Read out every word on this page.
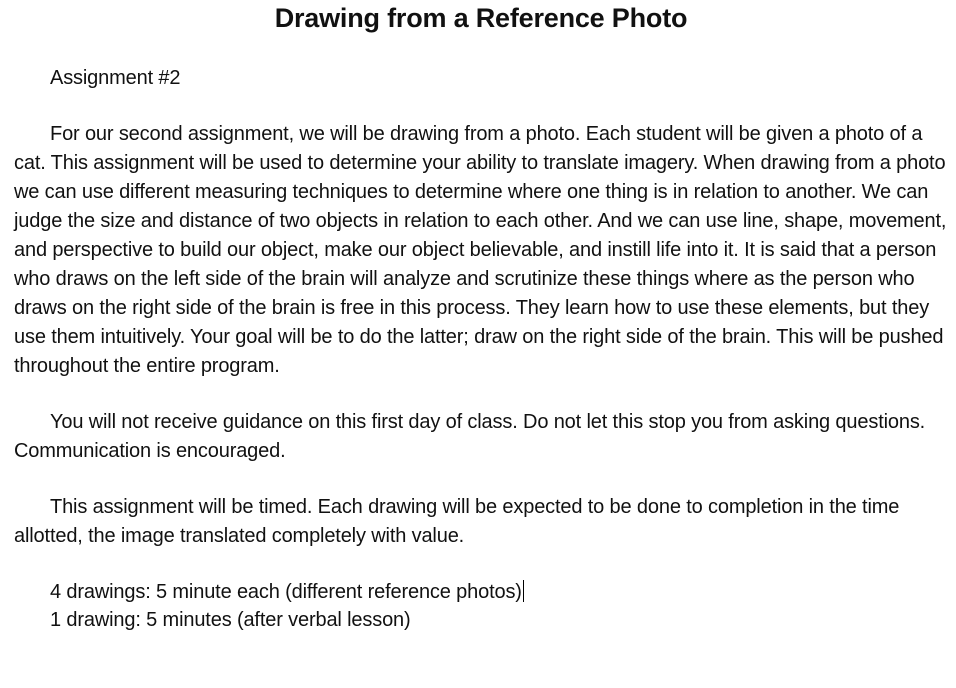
Drawing from a Reference Photo

Assignment #2

For our second assignment, we will be drawing from a photo. Each student will be given a photo of a cat. This assignment will be used to determine your ability to translate imagery. When drawing from a photo we can use different measuring techniques to determine where one thing is in relation to another. We can judge the size and distance of two objects in relation to each other. And we can use line, shape, movement, and perspective to build our object, make our object believable, and instill life into it. It is said that a person who draws on the left side of the brain will analyze and scrutinize these things where as the person who draws on the right side of the brain is free in this process. They learn how to use these elements, but they use them intuitively. Your goal will be to do the latter; draw on the right side of the brain. This will be pushed throughout the entire program.

You will not receive guidance on this first day of class. Do not let this stop you from asking questions. Communication is encouraged.

This assignment will be timed. Each drawing will be expected to be done to completion in the time allotted, the image translated completely with value.

4 drawings: 5 minute each (different reference photos)

1 drawing: 5 minutes (after verbal lesson)
